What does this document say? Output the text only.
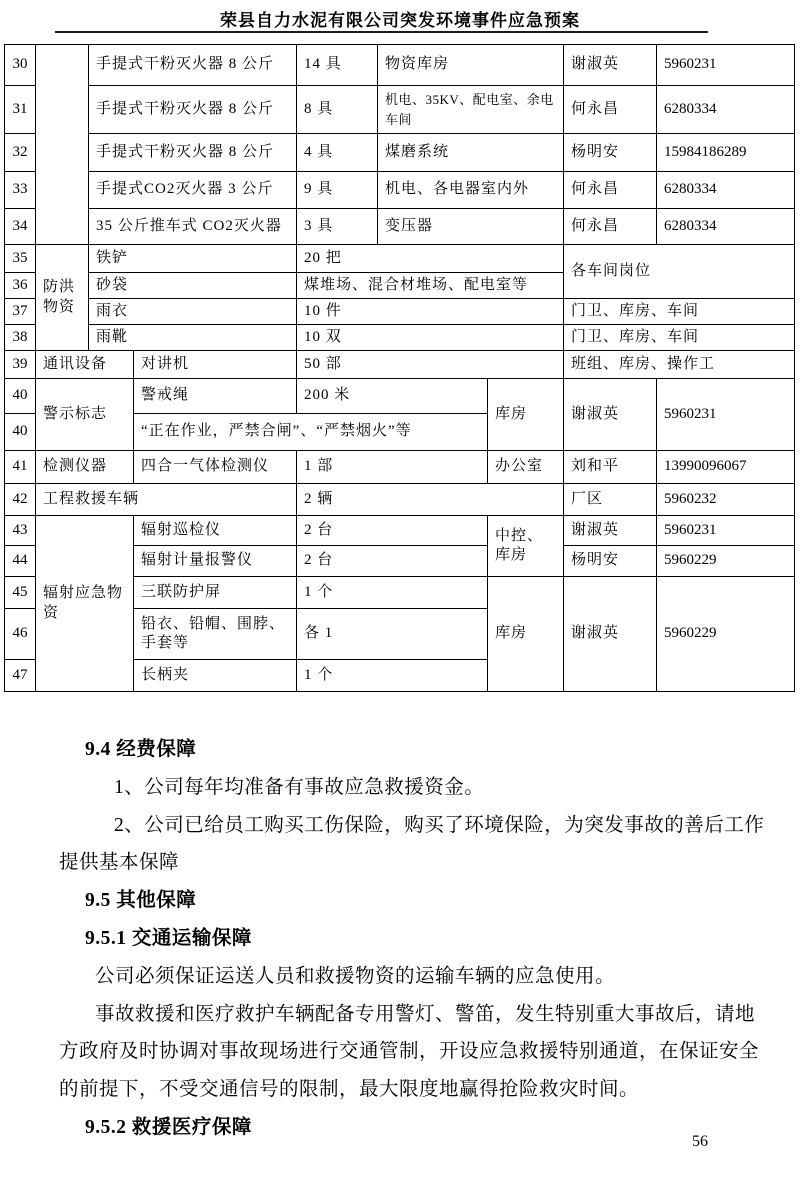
荣县自力水泥有限公司突发环境事件应急预案
30		手提式干粉灭火器 8 公斤		14 具	物资库房		谢淑英	5960231
31		手提式干粉灭火器 8 公斤		8 具	机电、35KV、配电室、余电车间		何永昌	6280334
32		手提式干粉灭火器 8 公斤		4 具	煤磨系统		杨明安	15984186289
33		手提式CO2灭火器 3 公斤		9 具	机电、各电器室内外		何永昌	6280334
34		35 公斤推车式 CO2灭火器		3 具	变压器		何永昌	6280334
35	防洪物资	铁铲		20 把			各车间岗位	
36		砂袋		煤堆场、混合材堆场、配电室等				
37		雨衣		10 件			门卫、库房、车间	
38		雨靴		10 双			门卫、库房、车间	
39	通讯设备		对讲机	50 部			班组、库房、操作工	
40	警示标志		警戒绳	200 米		库房	谢淑英	5960231
40			“正在作业，严禁合闸”、“严禁烟火”等					
41	检测仪器		四合一气体检测仪	1 部		办公室	刘和平	13990096067
42	工程救援车辆			2 辆			厂区	5960232
43	辐射应急物资		辐射巡检仪	2 台		中控、库房	谢淑英	5960231
44			辐射计量报警仪	2 台			杨明安	5960229
45			三联防护屏	1 个		库房	谢淑英	5960229
46			铅衣、铅帽、围脖、手套等	各 1				
47			长柄夹	1 个				
9.4 经费保障
1、公司每年均准备有事故应急救援资金。
2、公司已给员工购买工伤保险，购买了环境保险，为突发事故的善后工作
提供基本保障
9.5 其他保障
9.5.1 交通运输保障
公司必须保证运送人员和救援物资的运输车辆的应急使用。
事故救援和医疗救护车辆配备专用警灯、警笛，发生特别重大事故后，请地
方政府及时协调对事故现场进行交通管制，开设应急救援特别通道，在保证安全
的前提下，不受交通信号的限制，最大限度地赢得抢险救灾时间。
9.5.2 救援医疗保障
56
